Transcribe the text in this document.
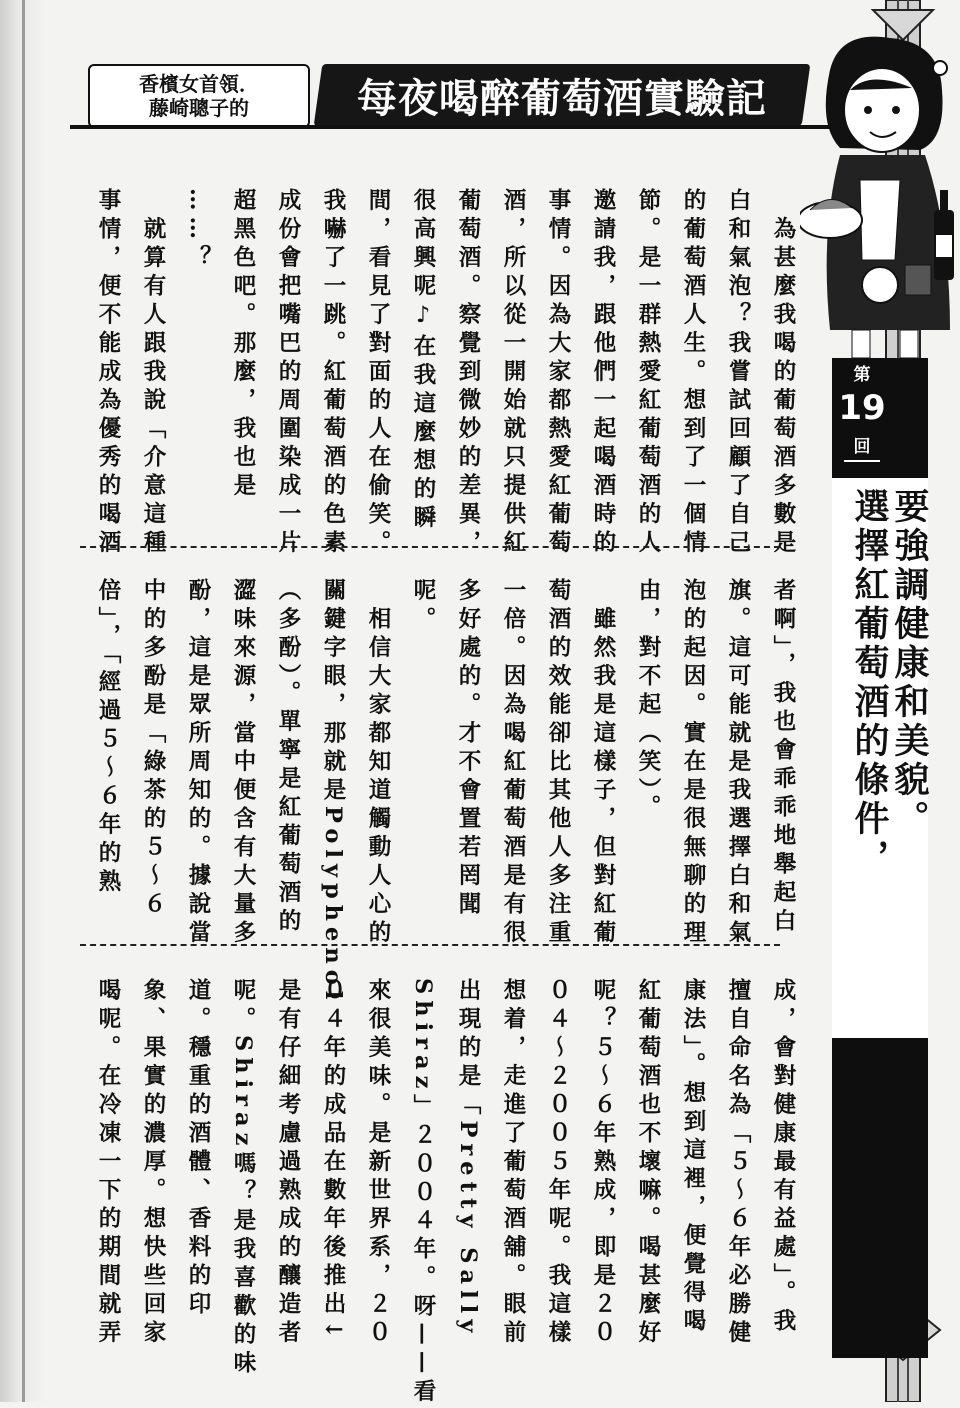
香檳女首領．
藤崎聰子的	每夜喝醉葡萄酒實驗記
第
19
回
選擇紅葡萄酒的條件， 要強調健康和美貌。

　為甚麼我喝的葡萄酒多數是
白和氣泡？我嘗試回顧了自己
的葡萄酒人生。想到了一個情
節。是一群熱愛紅葡萄酒的人
邀請我，跟他們一起喝酒時的
事情。因為大家都熱愛紅葡萄
酒，所以從一開始就只提供紅
葡萄酒。察覺到微妙的差異，
很高興呢♪在我這麼想的瞬
間，看見了對面的人在偷笑。
我嚇了一跳。紅葡萄酒的色素
成份會把嘴巴的周圍染成一片
超黑色吧。那麼，我也是
……？
　就算有人跟我說「介意這種
事情，便不能成為優秀的喝酒

者啊」，我也會乖乖地舉起白
旗。這可能就是我選擇白和氣
泡的起因。實在是很無聊的理
由，對不起（笑）。
　雖然我是這樣子，但對紅葡
萄酒的效能卻比其他人多注重
一倍。因為喝紅葡萄酒是有很
多好處的。才不會置若罔聞
呢。
　相信大家都知道觸動人心的
關鍵字眼，那就是Polyphenol
（多酚）。單寧是紅葡萄酒的
澀味來源，當中便含有大量多
酚，這是眾所周知的。據說當
中的多酚是「綠茶的５～６
倍」，「經過５～６年的熟

成，會對健康最有益處」。我
擅自命名為「５～６年必勝健
康法」。想到這裡，便覺得喝
紅葡萄酒也不壞嘛。喝甚麼好
呢？５～６年熟成，即是２０
０４～２００５年呢。我這樣
想着，走進了葡萄酒舖。眼前
出現的是「Pretty Sally
Shiraz」２００４年。呀——看
來很美味。是新世界系，２０
０４年的成品在數年後推出↓
是有仔細考慮過熟成的釀造者
呢。Shiraz嗎？是我喜歡的味
道。穩重的酒體、香料的印
象、果實的濃厚。想快些回家
喝呢。在冷凍一下的期間就弄
